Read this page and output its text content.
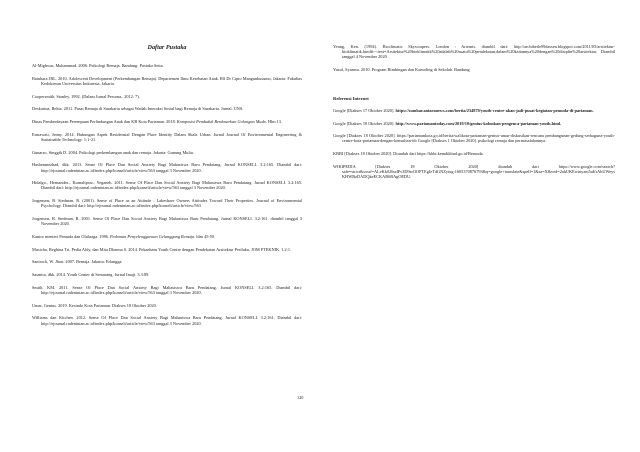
Daftar Pustaka

Al-Mighwar, Muhammad. 2006. Psikologi Remaja. Bandung: Pustaka Setia.

Batubara JRL. 2010. Adolescent Development (Perkembangan Remaja). Departemen Ilmu Kesehatan Anak. RS Dr Cipto Mangunkusumo, Jakarta: Fakultas Kedokteran Universitas Indonesia, Jakarta.

Coopersmith, Stanley. 1992. (Dalam Jurnal Persona,. 2012: 7).

Deskarina, Rekta. 2011. Pusat Remaja di Surakarta sebagai Wadah Interaksi Sosial bagi Remaja di Surakarta. Jurnal. UNS.

Dinas Pemberdayaan Perempuan Perlindungan Anak dan KB Kota Pariaman. 2018. Komposisi Penduduk Berdasarkan Golongan Muda. Hlm 13.

Ermawati, Jenny. 2014. Hubungan Aspek Residensial Dengan Place Identity Dalam Skala Urban. Jurnal Journal Of Environmental Engineering & Sustainable Technology. 1:1-21.

Gunarso, Singgih D. 2004. Psikologi perkembangan anak dan remaja. Jakarta: Gunung Mulia.

Hashemnezhad, dkk. 2013. Sense Of Place Dan Social Anxiety Bagi Mahasiswa Baru Pendatang. Jurnal KONSELI. 3.2:165. Diambil dari: http://ejournal.radenintan.ac.id/index.php/konseli/article/view/563 tanggal 3 November 2020.

Hidalgo., Hernandez., Kurnaliposr., Yeganeh. 2011. Sense Of Place Dan Social Anxiety Bagi Mahasiswa Baru Pendatang. Jurnal KONSELI. 3.2:165. Diambil dari: http://ejournal.radenintan.ac.id/index.php/konseli/article/view/563 tanggal 3 November 2020.

Jorgensen, B. Stedman, R. (2001). Sense of Place as an Attitude : Lakeshore Owners Attitudes Toward Their Properties. Journal of Environmental Psychology. Diambil dari: http://ejournal.radenintan.ac.id/index.php/konseli/article/view/563

Jorgensen, B. Stedman, R. 2001. Sense Of Place Dan Social Anxiety Bagi Mahasiswa Baru Pendatang. Jurnal KONSELI. 3.2:161. diambil tanggal 3 November 2020.

Kantor menteri Pemuda dan Olahraga. 1986. Pedoman Penyelenggaraan Gelanggang Remaja. hlm 45-50.

Musicha, Reghina Tri, Pedia Aldy, dan Mita Dharma S. 2014. Pekanbaru Youth Centre dengan Pendekatan Arsitektur Perilaku. JOM FTEKNIK. 1.2:1.

Santrock, W. Jhon. 2007. Remaja. Jakarta: Erlangga.

Sasmita, dkk. 2014. Youth Center di Semarang. Jurnal Imaji. 3.3:89.

Smith, KM. 2011. Sense Of Place Dan Social Anxiety Bagi Mahasiswa Baru Pendatang. Jurnal KONSELI. 3.2:165. Diambil dari: http://ejournal.radenintan.ac.id/index.php/konseli/article/view/563 tanggal 3 November 2020.

Umar, Genius. 2019. Kesindo Kota Pariaman. Diakses 18 Oktober 2020.

Williams dan Kitchen. 2012. Sense Of Place Dan Social Anxiety Bagi Mahasiswa Baru Pendatang. Jurnal KONSELI. 3.2:161. Diambil dari: http://ejournal.radenintan.ac.id/index.php/konseli/article/view/563 tanggal 3 November 2020.

Yeung, Ken. (1994). Bioclimatic Skyscrapers. London : Artemis. diambil dari: http://archibeile99dassen.blogspot.com/2011/05/arsitektur-bioklimatik.html#:~:text=Arsitektur%20bioklimatik%20adalah%20suatu%20pendekatan,dalam%20kaitannya%20dengan%20disiplin%20arsitektur. Diambil tanggal 4 November 2020.

Yusuf, Syamsu. 2010. Program Bimbingan dan Konseling di Sekolah. Bandung

Referensi Internet

Google [Diakses 17 Oktober 2020]. https://sumbar.antaranews.com/berita/234879/youth-centre-akan-jadi-pusat-kegiatan-pemuda-di-pariaman.

Google [Diakses 18 Oktober 2020]. http://www.pariamantoday.com/2019/10/genius-kolonkan-pengenca-pariaman-youth.html.

Google [Diakses 18 Oktober 2020]. https://pariamankota.go.id/berita/walikota-pariaman-genius-umar-diskusikan-rencana pembangunan-gedung-serbaguna-youth-centre-kota-pariaman-dengan-konsultan-itb Google [Diakses 1 Oktober 2020]. psikologi remaja dan permasalahannya.

KBBI [Diakses 18 Oktober 2020]. Diunduh dari https://kbbi.kemdikbud.go.id/Berunda.

WIKIPEDIA [Diakses 18 Oktober 2020] diunduh dari https://www.google.com/search?safe=strict&sxsrf=ALeKk026udPv3D9zrOOFTEgIeTdGNZytug:1605370876793&q=google+translate&spell=1&sa=X&ved=2ahUKEwinyzm5uIfrAhUWeysKHWBzDADQkeECKAB6BAgOEDU.

120
